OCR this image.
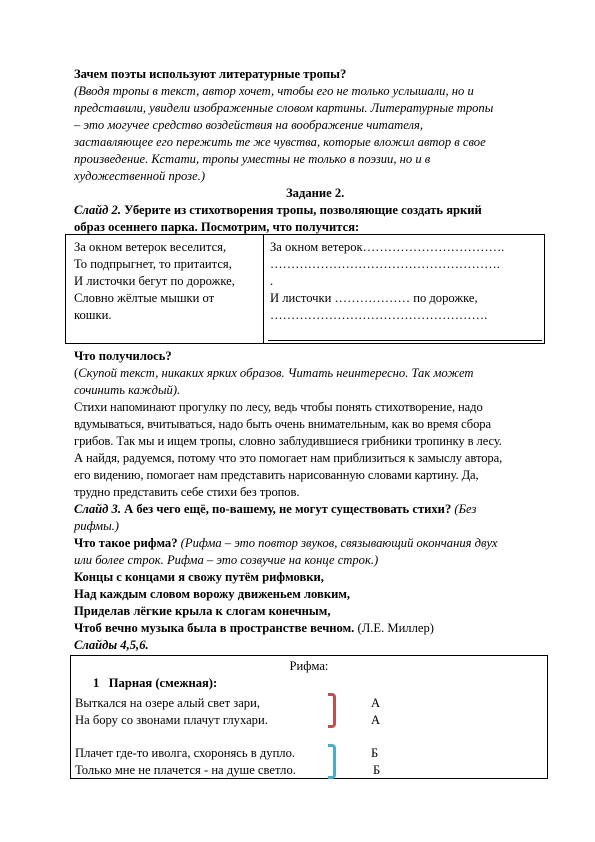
Зачем поэты используют литературные тропы?
(Вводя тропы в текст, автор хочет, чтобы его не только услышали, но и
представили, увидели изображенные словом картины. Литературные тропы
– это могучее средство воздействия на воображение читателя,
заставляющее его пережить те же чувства, которые вложил автор в свое
произведение. Кстати, тропы уместны не только в поэзии, но и в
художественной прозе.)
Задание 2.
Слайд 2. Уберите из стихотворения тропы, позволяющие создать яркий
образ осеннего парка. Посмотрим, что получится:
За окном ветерок веселится,
То подпрыгнет, то притаится,
И листочки бегут по дорожке,
Словно жёлтые мышки от
кошки.
За окном ветерок…………………………….
……………………………………………….
.
И листочки ……………… по дорожке,
…………………………………………….
Что получилось?
(Скупой текст, никаких ярких образов. Читать неинтересно. Так может
сочинить каждый).
Стихи напоминают прогулку по лесу, ведь чтобы понять стихотворение, надо
вдумываться, вчитываться, надо быть очень внимательным, как во время сбора
грибов. Так мы и ищем тропы, словно заблудившиеся грибники тропинку в лесу.
А найдя, радуемся, потому что это помогает нам приблизиться к замыслу автора,
его видению, помогает нам представить нарисованную словами картину. Да,
трудно представить себе стихи без тропов.
Слайд 3. А без чего ещё, по-вашему, не могут существовать стихи? (Без
рифмы.)
Что такое рифма? (Рифма – это повтор звуков, связывающий окончания двух
или более строк. Рифма – это созвучие на конце строк.)
Концы с концами я свожу путём рифмовки,
Над каждым словом ворожу движеньем ловким,
Приделав лёгкие крыла к слогам конечным,
Чтоб вечно музыка была в пространстве вечном. (Л.Е. Миллер)
Слайды 4,5,6.
Рифма:
1 Парная (смежная):
Выткался на озере алый свет зари,	А
На бору со звонами плачут глухари.	А
Плачет где-то иволга, схоронясь в дупло.	Б
Только мне не плачется - на душе светло.	Б
